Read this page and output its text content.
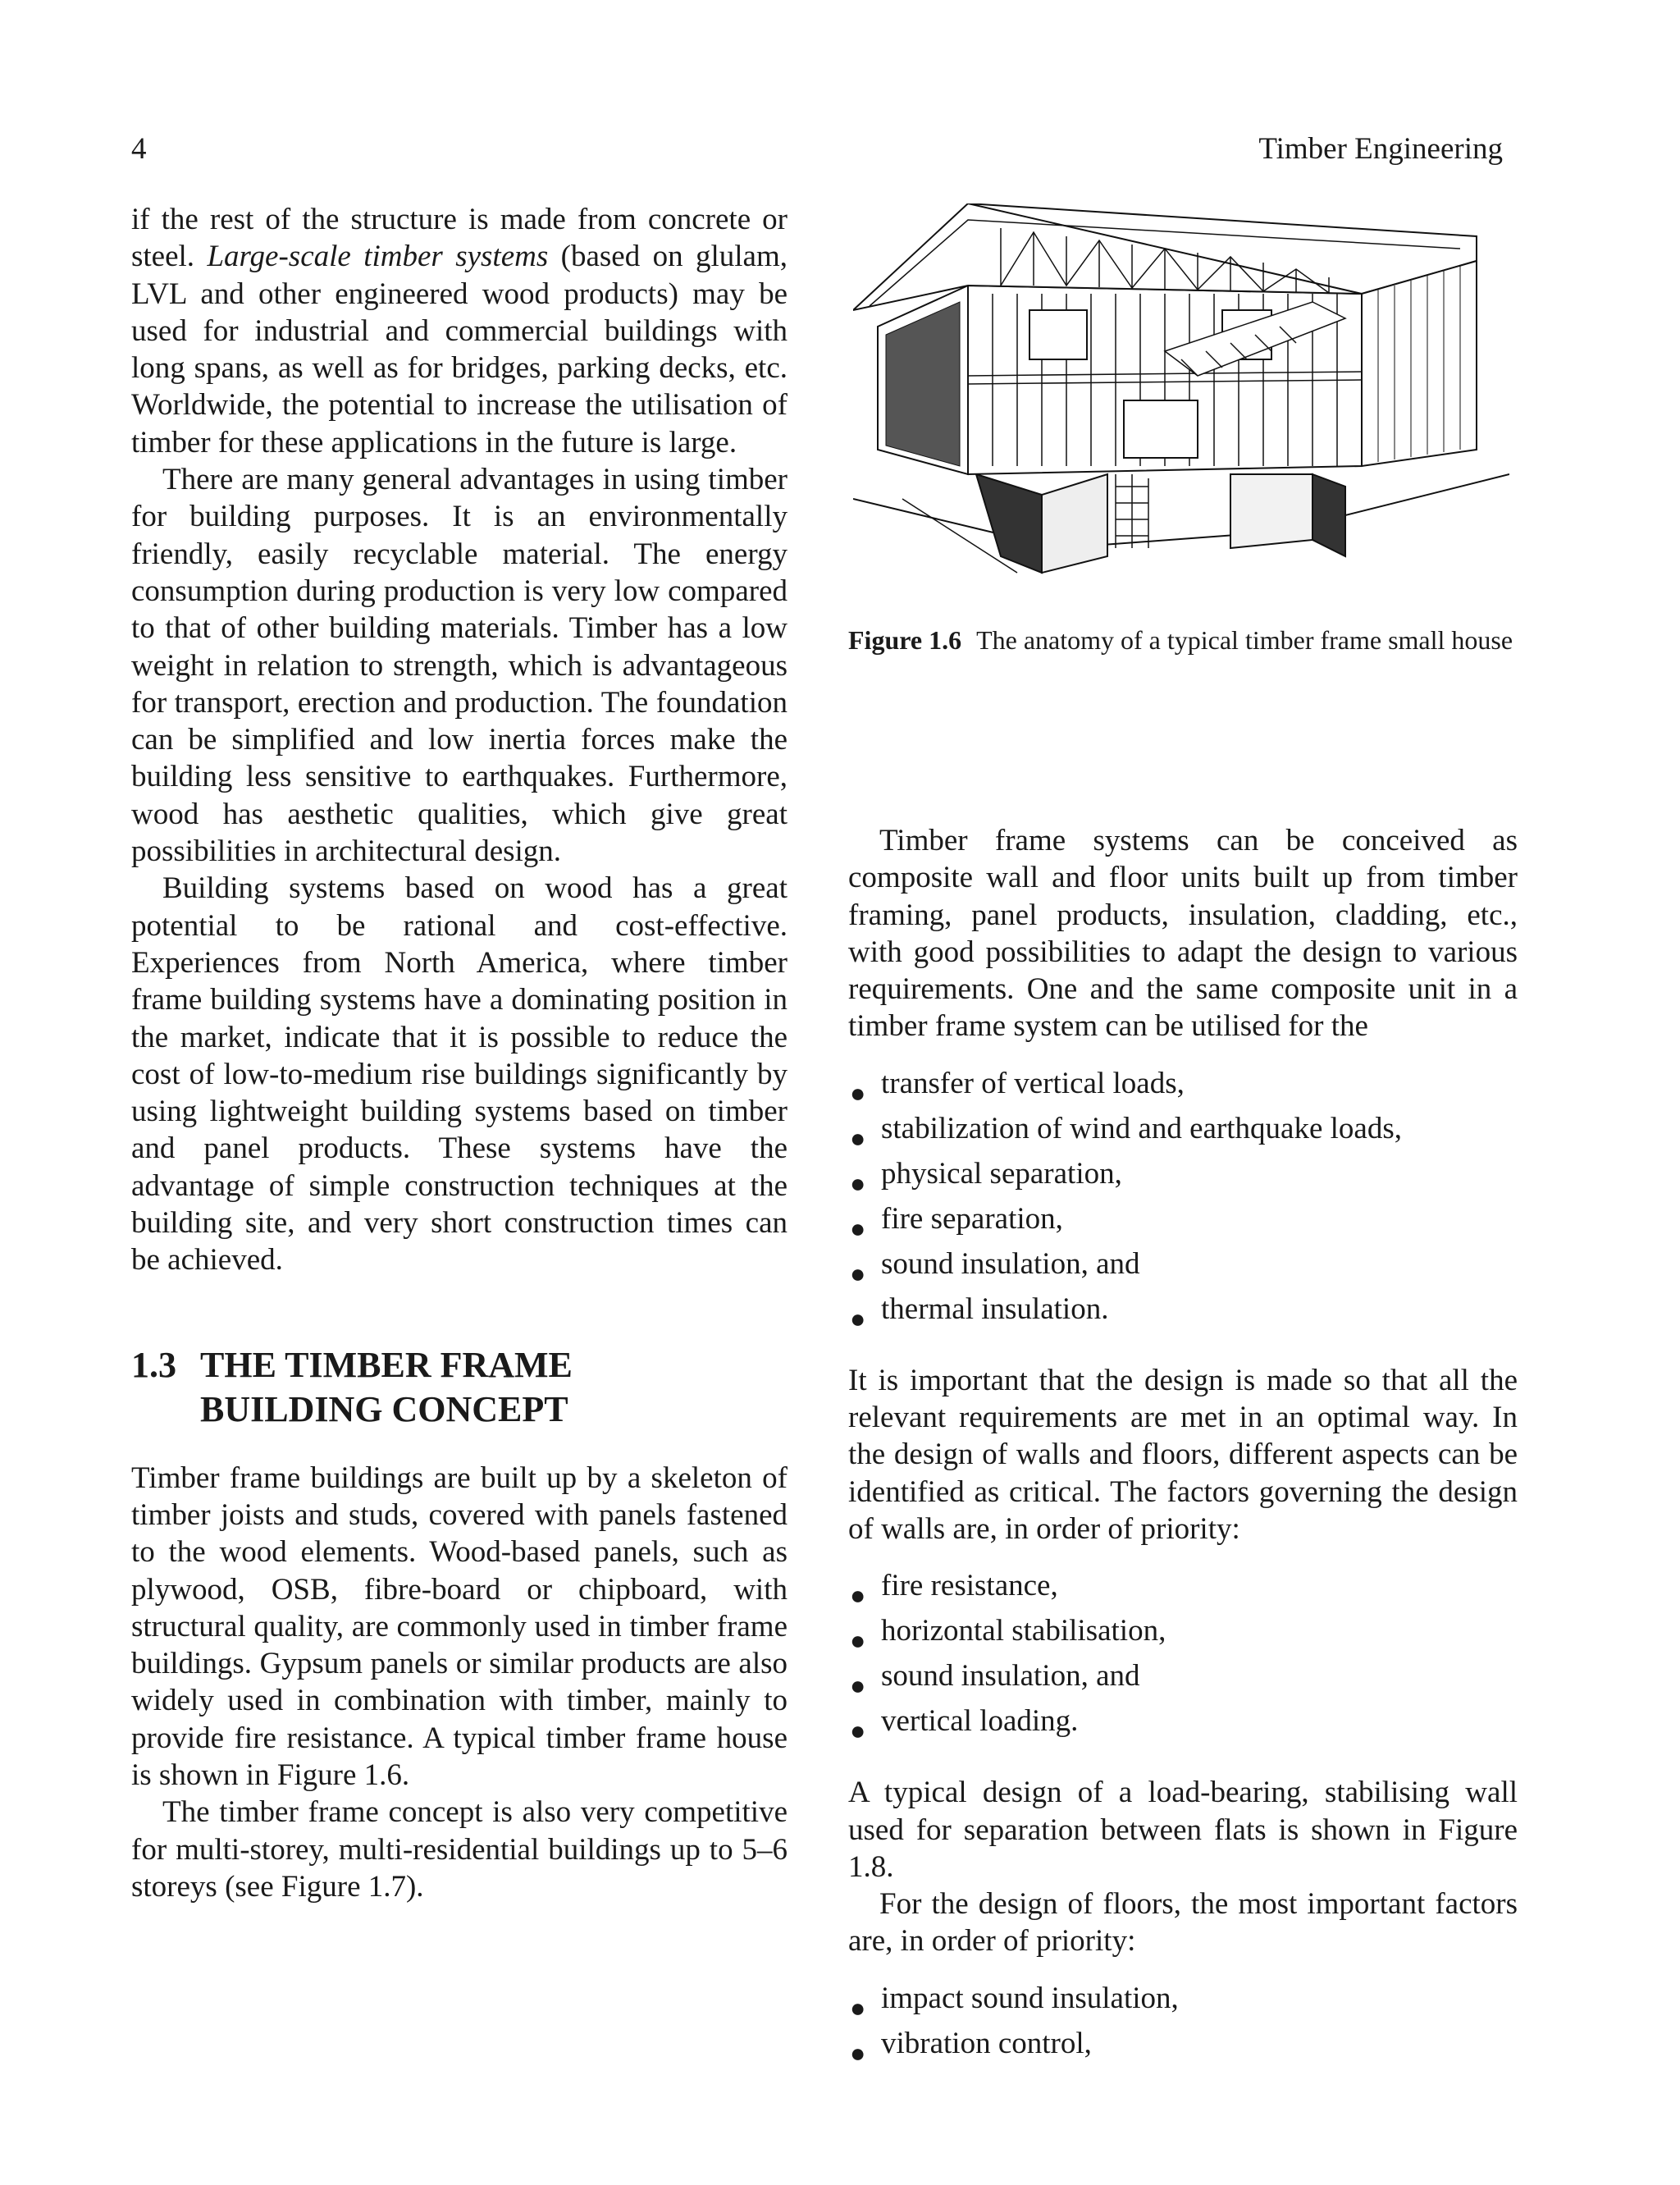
4	Timber Engineering

if the rest of the structure is made from concrete or steel. Large-scale timber systems (based on glulam, LVL and other engineered wood products) may be used for industrial and commercial buildings with long spans, as well as for bridges, parking decks, etc. Worldwide, the potential to increase the utilisation of timber for these applications in the future is large.

There are many general advantages in using timber for building purposes. It is an environmentally friendly, easily recyclable material. The energy consumption during production is very low compared to that of other building materials. Timber has a low weight in relation to strength, which is advantageous for transport, erection and production. The foundation can be simplified and low inertia forces make the building less sensitive to earthquakes. Furthermore, wood has aesthetic qualities, which give great possibilities in architectural design.

Building systems based on wood has a great potential to be rational and cost-effective. Experiences from North America, where timber frame building systems have a dominating position in the market, indicate that it is possible to reduce the cost of low-to-medium rise buildings significantly by using lightweight building systems based on timber and panel products. These systems have the advantage of simple construction techniques at the building site, and very short construction times can be achieved.

1.3 THE TIMBER FRAME
BUILDING CONCEPT

Timber frame buildings are built up by a skeleton of timber joists and studs, covered with panels fastened to the wood elements. Wood-based panels, such as plywood, OSB, fibre-board or chipboard, with structural quality, are commonly used in timber frame buildings. Gypsum panels or similar products are also widely used in combination with timber, mainly to provide fire resistance. A typical timber frame house is shown in Figure 1.6.

The timber frame concept is also very competitive for multi-storey, multi-residential buildings up to 5–6 storeys (see Figure 1.7).

Figure 1.6 The anatomy of a typical timber frame small house

Timber frame systems can be conceived as composite wall and floor units built up from timber framing, panel products, insulation, cladding, etc., with good possibilities to adapt the design to various requirements. One and the same composite unit in a timber frame system can be utilised for the

● transfer of vertical loads,
● stabilization of wind and earthquake loads,
● physical separation,
● fire separation,
● sound insulation, and
● thermal insulation.

It is important that the design is made so that all the relevant requirements are met in an optimal way. In the design of walls and floors, different aspects can be identified as critical. The factors governing the design of walls are, in order of priority:

● fire resistance,
● horizontal stabilisation,
● sound insulation, and
● vertical loading.

A typical design of a load-bearing, stabilising wall used for separation between flats is shown in Figure 1.8.

For the design of floors, the most important factors are, in order of priority:

● impact sound insulation,
● vibration control,
